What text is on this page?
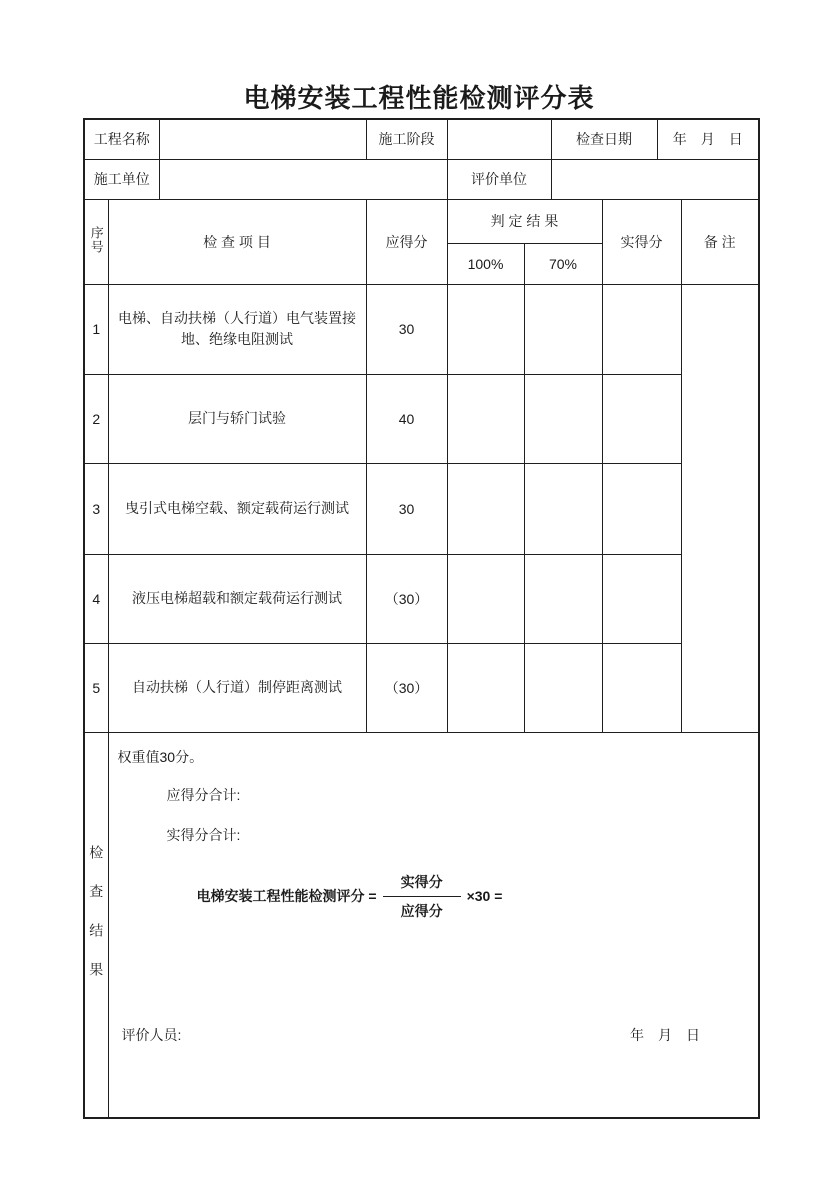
电梯安装工程性能检测评分表
工程名称			施工阶段			检查日期		年　月　日	
施工单位				评价单位					
序号	检 查 项 目		应得分	判 定 结 果			实得分		备 注
				100%	70%				
1	电梯、自动扶梯（人行道）电气装置接地、绝缘电阻测试		30						
2	层门与轿门试验		40						
3	曳引式电梯空载、额定载荷运行测试		30						
4	液压电梯超载和额定载荷运行测试		（30）						
5	自动扶梯（人行道）制停距离测试		（30）						
检查结果	
权重值30分。
应得分合计:
实得分合计:
电梯安装工程性能检测评分 = $\frac{\text{实得分}}{\text{应得分}} \times 30$ =
评价人员:	年　月　日
